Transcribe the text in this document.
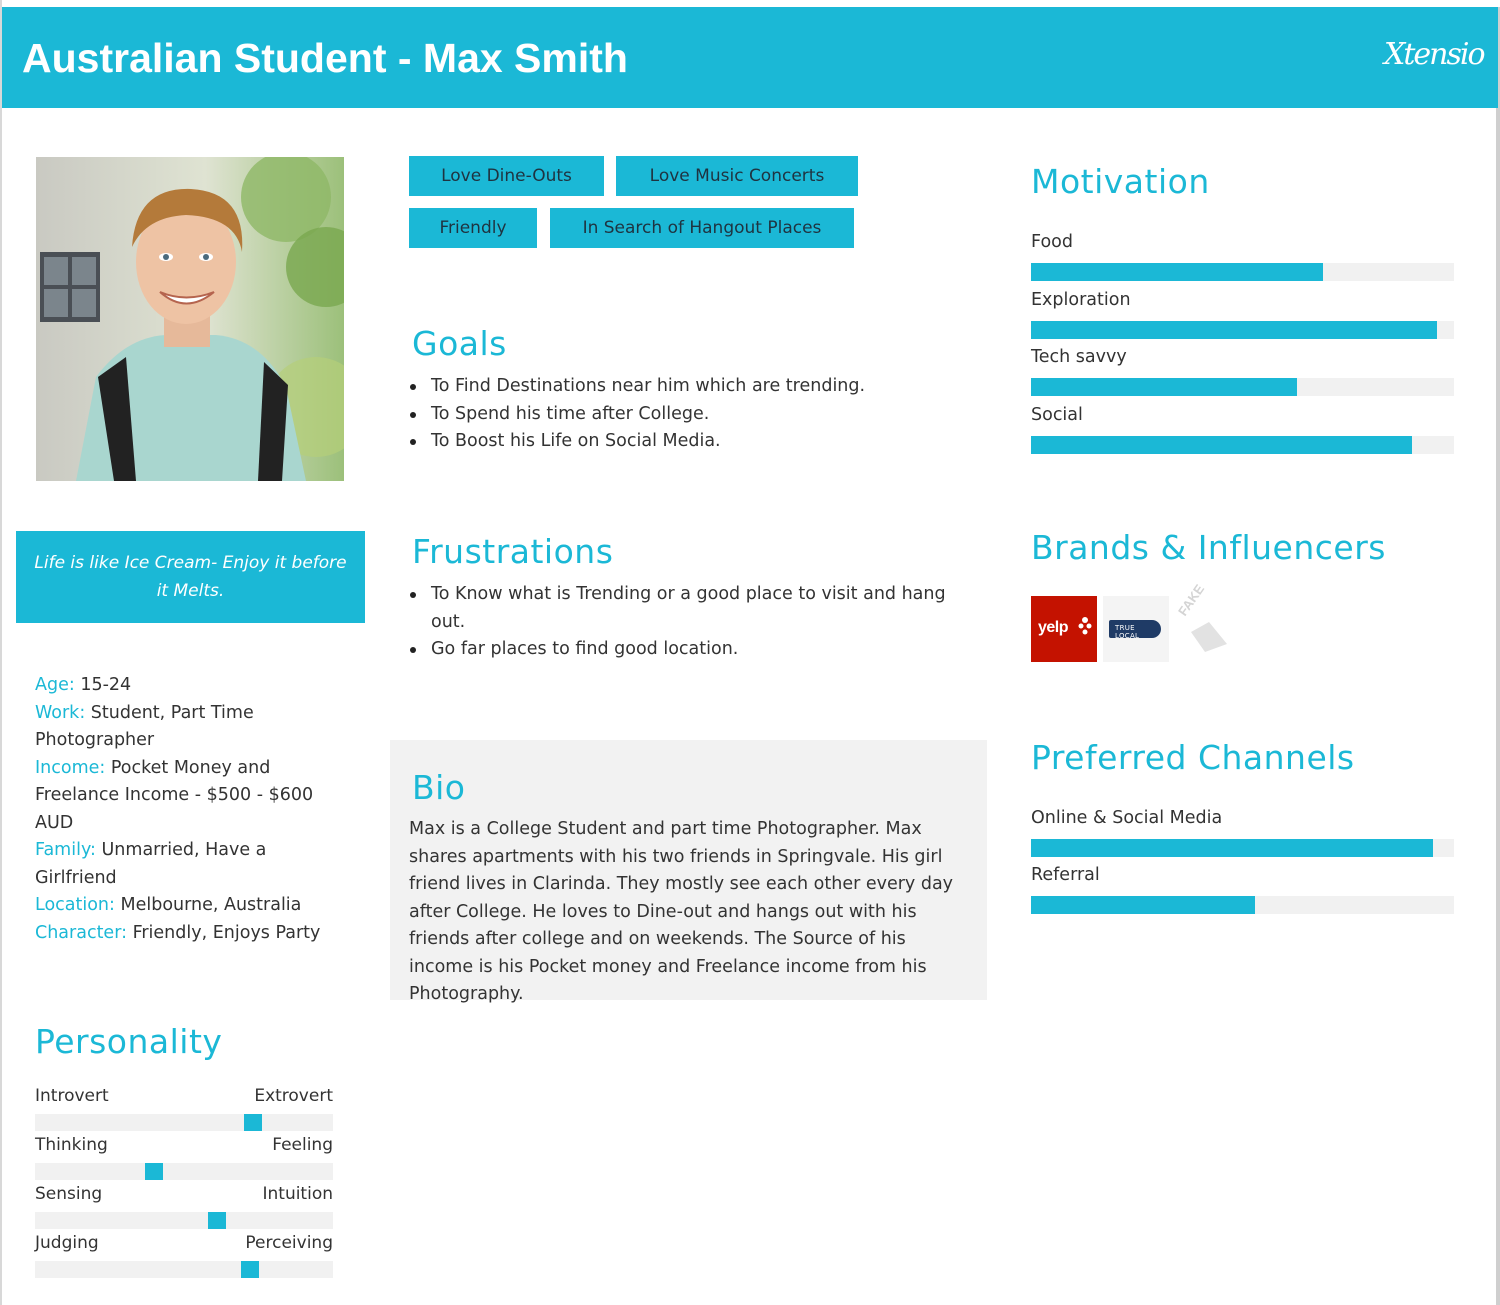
Australian Student - Max Smith	Xtensio
Life is like Ice Cream- Enjoy it before it Melts.
Age: 15-24
Work: Student, Part Time Photographer
Income: Pocket Money and Freelance Income - $500 - $600 AUD
Family: Unmarried, Have a Girlfriend
Location: Melbourne, Australia
Character: Friendly, Enjoys Party
Personality
Introvert	Extrovert
Thinking	Feeling
Sensing	Intuition
Judging	Perceiving
Love Dine-Outs	Love Music Concerts
Friendly	In Search of Hangout Places
Goals
To Find Destinations near him which are trending.
To Spend his time after College.
To Boost his Life on Social Media.
Frustrations
To Know what is Trending or a good place to visit and hang out.
Go far places to find good location.
Bio
Max is a College Student and part time Photographer. Max shares apartments with his two friends in Springvale. His girl friend lives in Clarinda. They mostly see each other every day after College. He loves to Dine-out and hangs out with his friends after college and on weekends. The Source of his income is his Pocket money and Freelance income from his Photography.
Motivation
Food
Exploration
Tech savvy
Social
Brands & Influencers
yelp	TRUE LOCAL
FAKE
Preferred Channels
Online & Social Media
Referral
